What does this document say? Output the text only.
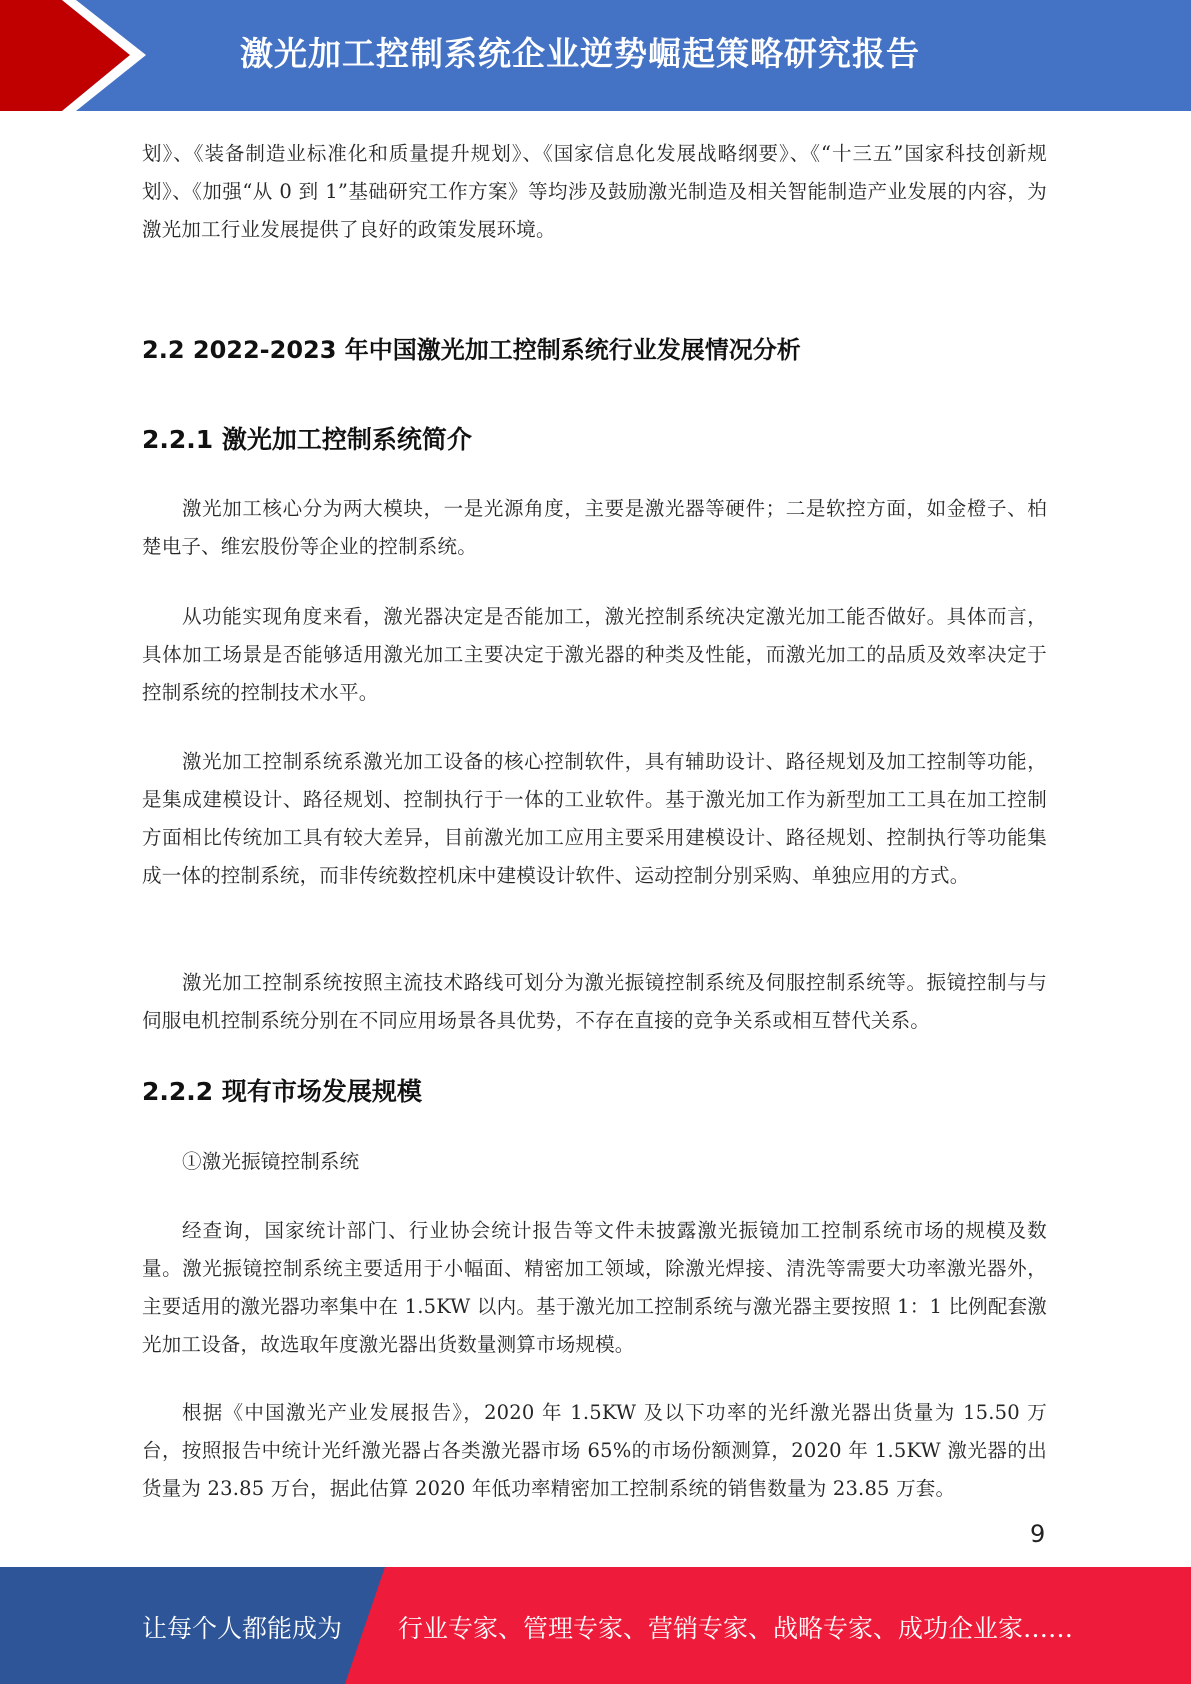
激光加工控制系统企业逆势崛起策略研究报告

划》、《装备制造业标准化和质量提升规划》、《国家信息化发展战略纲要》、《“十三五”国家科技创新规划》、《加强“从 0 到 1”基础研究工作方案》等均涉及鼓励激光制造及相关智能制造产业发展的内容，为激光加工行业发展提供了良好的政策发展环境。

2.2 2022-2023 年中国激光加工控制系统行业发展情况分析
2.2.1 激光加工控制系统简介

激光加工核心分为两大模块，一是光源角度，主要是激光器等硬件；二是软控方面，如金橙子、柏楚电子、维宏股份等企业的控制系统。

从功能实现角度来看，激光器决定是否能加工，激光控制系统决定激光加工能否做好。具体而言，具体加工场景是否能够适用激光加工主要决定于激光器的种类及性能，而激光加工的品质及效率决定于控制系统的控制技术水平。

激光加工控制系统系激光加工设备的核心控制软件，具有辅助设计、路径规划及加工控制等功能，是集成建模设计、路径规划、控制执行于一体的工业软件。基于激光加工作为新型加工工具在加工控制方面相比传统加工具有较大差异，目前激光加工应用主要采用建模设计、路径规划、控制执行等功能集成一体的控制系统，而非传统数控机床中建模设计软件、运动控制分别采购、单独应用的方式。

激光加工控制系统按照主流技术路线可划分为激光振镜控制系统及伺服控制系统等。振镜控制与与伺服电机控制系统分别在不同应用场景各具优势，不存在直接的竞争关系或相互替代关系。

2.2.2 现有市场发展规模

①激光振镜控制系统

经查询，国家统计部门、行业协会统计报告等文件未披露激光振镜加工控制系统市场的规模及数量。激光振镜控制系统主要适用于小幅面、精密加工领域，除激光焊接、清洗等需要大功率激光器外，主要适用的激光器功率集中在 1.5KW 以内。基于激光加工控制系统与激光器主要按照 1：1 比例配套激光加工设备，故选取年度激光器出货数量测算市场规模。

根据《中国激光产业发展报告》，2020 年 1.5KW 及以下功率的光纤激光器出货量为 15.50 万台，按照报告中统计光纤激光器占各类激光器市场 65%的市场份额测算，2020 年 1.5KW 激光器的出货量为 23.85 万台，据此估算 2020 年低功率精密加工控制系统的销售数量为 23.85 万套。

9
让每个人都能成为 行业专家、管理专家、营销专家、战略专家、成功企业家……
